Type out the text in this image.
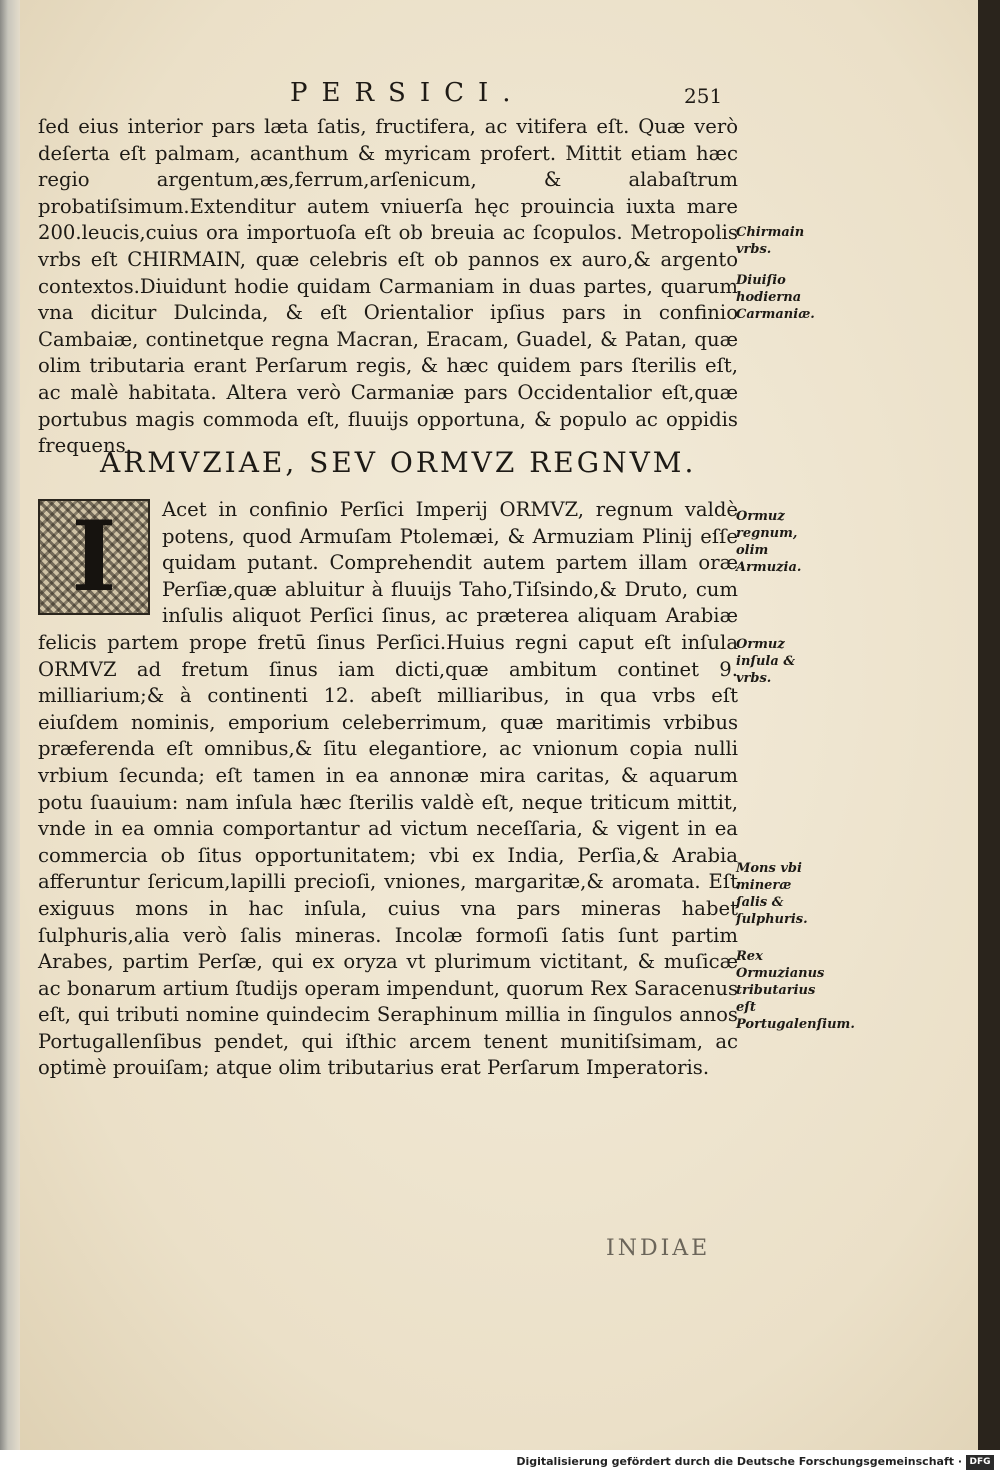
PERSICI.	251

ſed eius interior pars læta ſatis, fructifera, ac vitifera eſt. Quæ verò deſerta eſt palmam, acanthum & myricam profert. Mittit etiam hæc regio argentum,æs,ferrum,arſenicum, & alabaſtrum probatiſsimum.Extenditur autem vniuerſa hęc prouincia iuxta mare 200.leucis,cuius ora importuoſa eſt ob breuia ac ſcopulos. Metropolis vrbs eſt CHIRMAIN, quæ celebris eſt ob pannos ex auro,& argento contextos.Diuidunt hodie quidam Carmaniam in duas partes, quarum vna dicitur Dulcinda, & eſt Orientalior ipſius pars in confinio Cambaiæ, continetque regna Macran, Eracam, Guadel, & Patan, quæ olim tributaria erant Perſarum regis, & hæc quidem pars ſterilis eſt, ac malè habitata. Altera verò Carmaniæ pars Occidentalior eſt,quæ portubus magis commoda eſt, fluuijs opportuna, & populo ac oppidis frequens.

ARMVZIAE, SEV ORMVZ REGNVM.
I	Acet in confinio Perſici Imperij ORMVZ, regnum valdè potens, quod Armuſam Ptolemæi, & Armuziam Plinij eſſe quidam putant. Comprehendit autem partem illam oræ Perſiæ,quæ abluitur à fluuijs Taho,Tiſsindo,& Druto, cum inſulis aliquot Perſici ſinus, ac præterea aliquam Arabiæ felicis partem prope fretū ſinus Perſici.Huius regni caput eſt inſula ORMVZ ad fretum ſinus iam dicti,quæ ambitum continet 9. milliarium;& à continenti 12. abeſt milliaribus, in qua vrbs eſt eiuſdem nominis, emporium celeberrimum, quæ maritimis vrbibus præferenda eſt omnibus,& ſitu elegantiore, ac vnionum copia nulli vrbium ſecunda; eſt tamen in ea annonæ mira caritas, & aquarum potu ſuauium: nam inſula hæc ſterilis valdè eſt, neque triticum mittit, vnde in ea omnia comportantur ad victum neceſſaria, & vigent in ea commercia ob ſitus opportunitatem; vbi ex India, Perſia,& Arabia afferuntur ſericum,lapilli precioſi, vniones, margaritæ,& aromata. Eſt exiguus mons in hac inſula, cuius vna pars mineras habet ſulphuris,alia verò ſalis mineras. Incolæ formoſi ſatis ſunt partim Arabes, partim Perſæ, qui ex oryza vt plurimum victitant, & muſicæ ac bonarum artium ſtudijs operam impendunt, quorum Rex Saracenus eſt, qui tributi nomine quindecim Seraphinum millia in ſingulos annos Portugallenſibus pendet, qui iſthic arcem tenent munitiſsimam, ac optimè prouiſam; atque olim tributarius erat Perſarum Imperatoris.

Chirmain vrbs.
Diuiſio hodierna Carmaniæ.
Ormuz regnum, olim Armuzia.
Ormuz inſula & vrbs.
Mons vbi mineræ ſalis & ſulphuris.
Rex Ormuzianus tributarius eſt Portugalenſium.
INDIAE
Digitalisierung gefördert durch die Deutsche Forschungsgemeinschaft · DFG
